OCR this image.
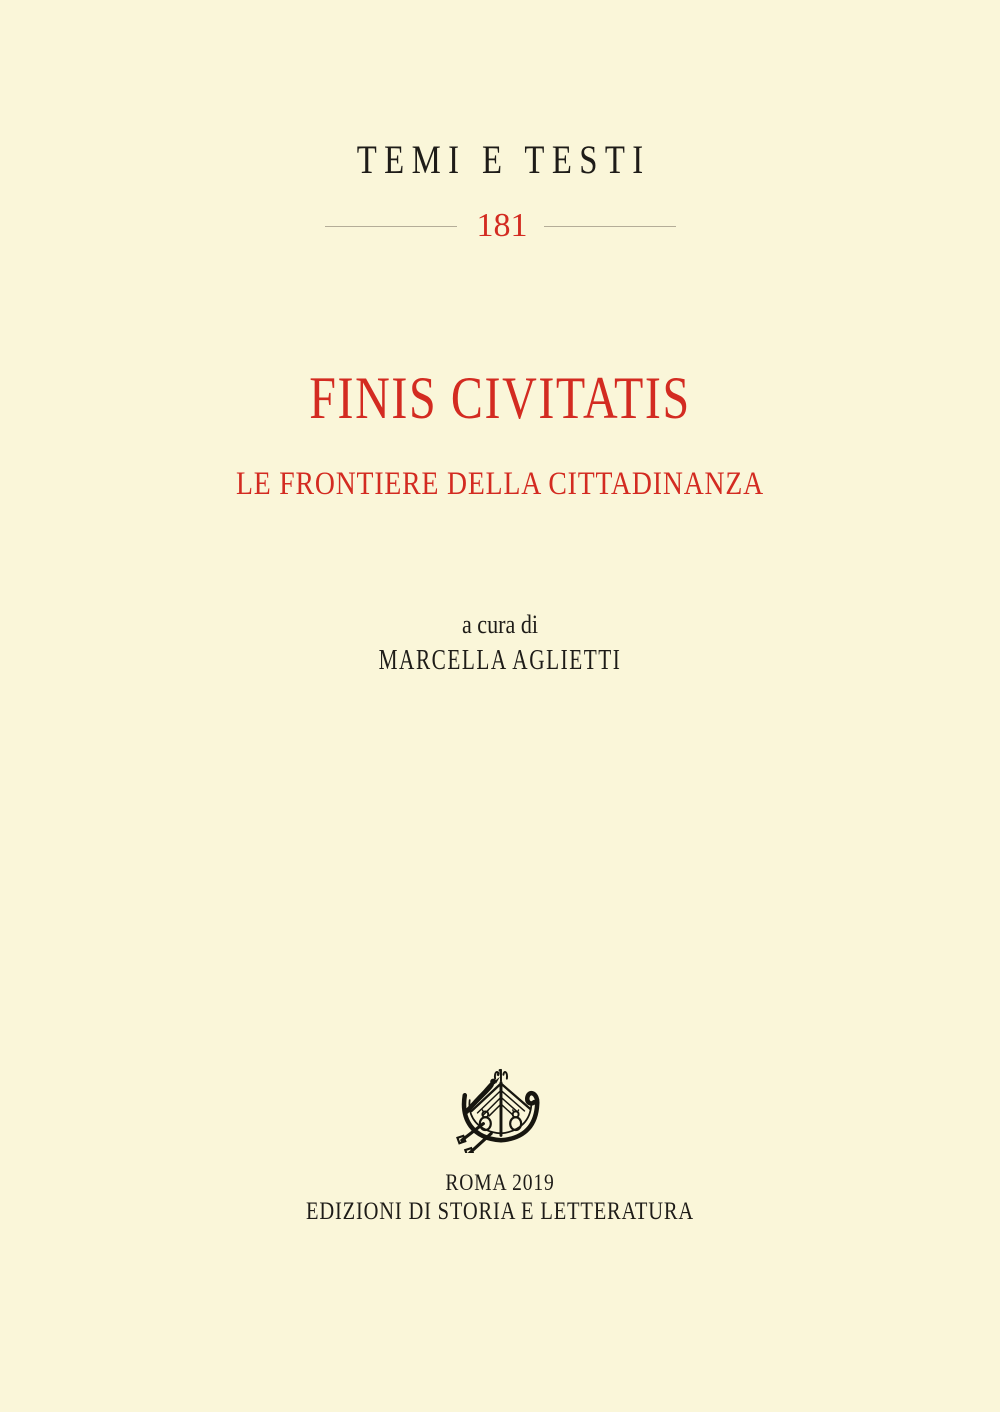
TEMI E TESTI
181
FINIS CIVITATIS
LE FRONTIERE DELLA CITTADINANZA
a cura di
MARCELLA AGLIETTI
ROMA 2019
EDIZIONI DI STORIA E LETTERATURA
